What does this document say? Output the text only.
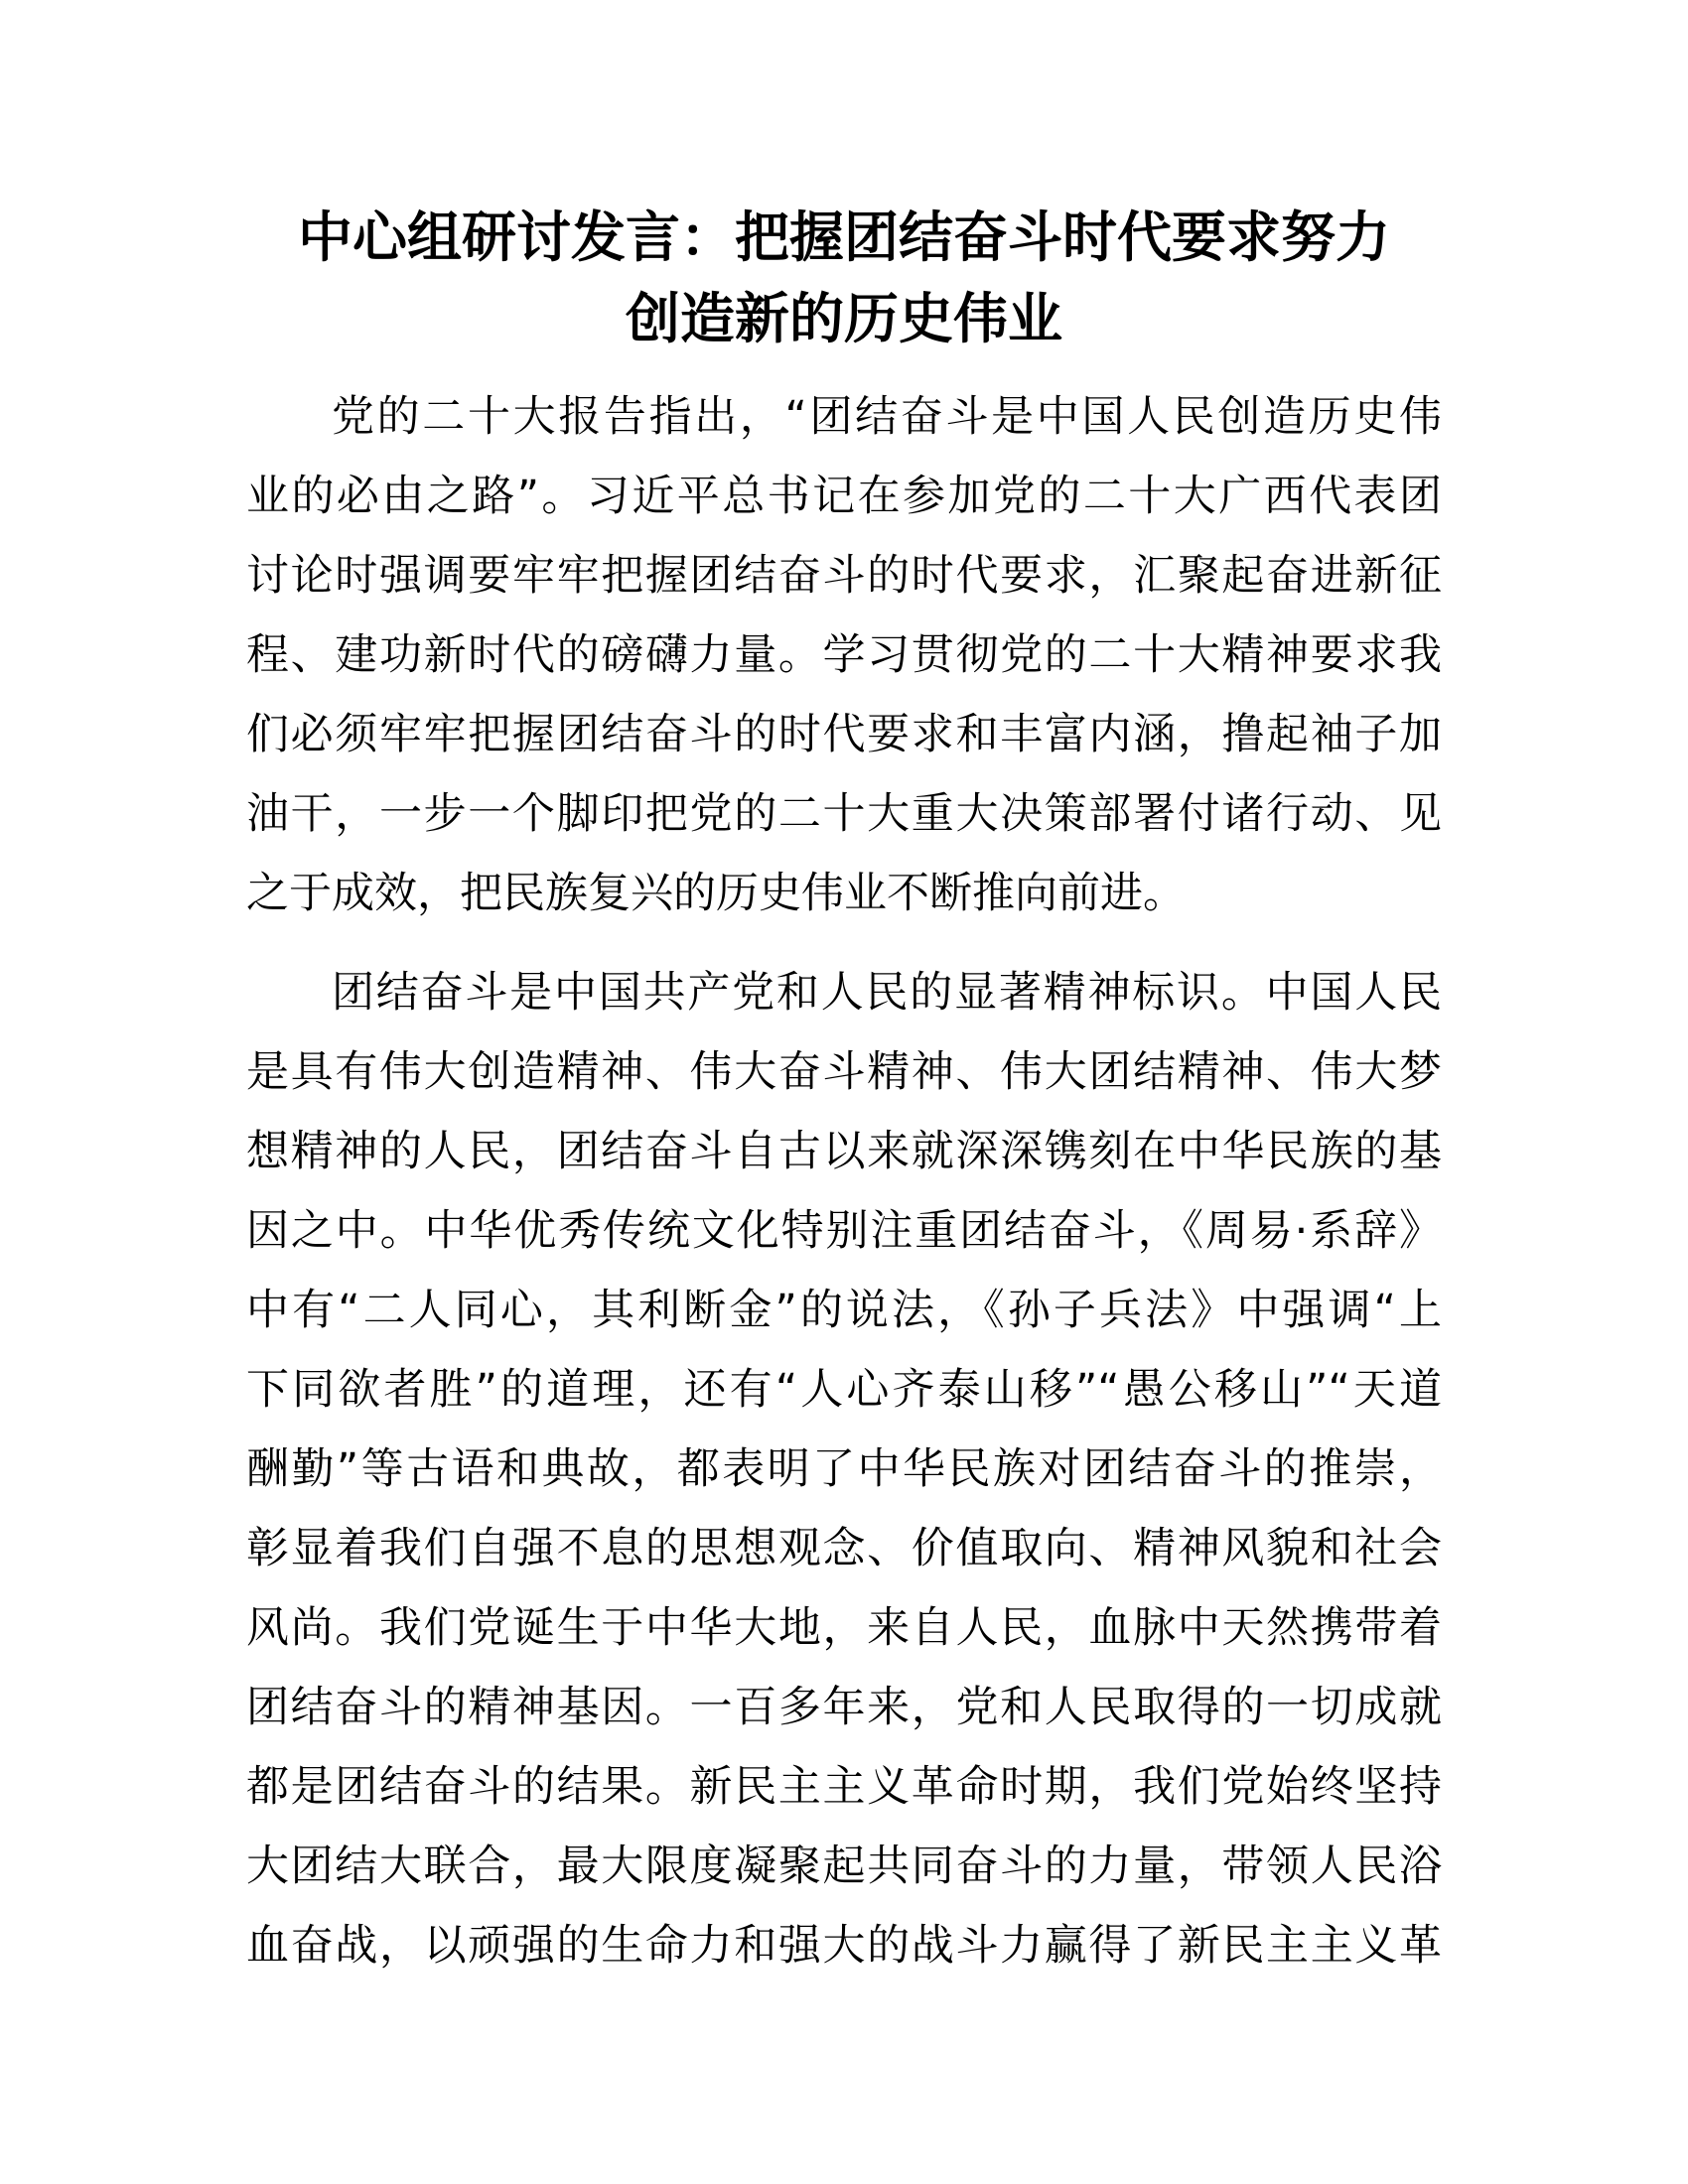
中心组研讨发言：把握团结奋斗时代要求努力
创造新的历史伟业

党的二十大报告指出，“团结奋斗是中国人民创造历史伟
业的必由之路”。习近平总书记在参加党的二十大广西代表团
讨论时强调要牢牢把握团结奋斗的时代要求，汇聚起奋进新征
程、建功新时代的磅礴力量。学习贯彻党的二十大精神要求我
们必须牢牢把握团结奋斗的时代要求和丰富内涵，撸起袖子加
油干，一步一个脚印把党的二十大重大决策部署付诸行动、见
之于成效，把民族复兴的历史伟业不断推向前进。

团结奋斗是中国共产党和人民的显著精神标识。中国人民
是具有伟大创造精神、伟大奋斗精神、伟大团结精神、伟大梦
想精神的人民，团结奋斗自古以来就深深镌刻在中华民族的基
因之中。中华优秀传统文化特别注重团结奋斗，《周易·系辞》
中有“二人同心，其利断金”的说法，《孙子兵法》中强调“上
下同欲者胜”的道理，还有“人心齐泰山移”“愚公移山”“天道
酬勤”等古语和典故，都表明了中华民族对团结奋斗的推崇，
彰显着我们自强不息的思想观念、价值取向、精神风貌和社会
风尚。我们党诞生于中华大地，来自人民，血脉中天然携带着
团结奋斗的精神基因。一百多年来，党和人民取得的一切成就
都是团结奋斗的结果。新民主主义革命时期，我们党始终坚持
大团结大联合，最大限度凝聚起共同奋斗的力量，带领人民浴
血奋战，以顽强的生命力和强大的战斗力赢得了新民主主义革
